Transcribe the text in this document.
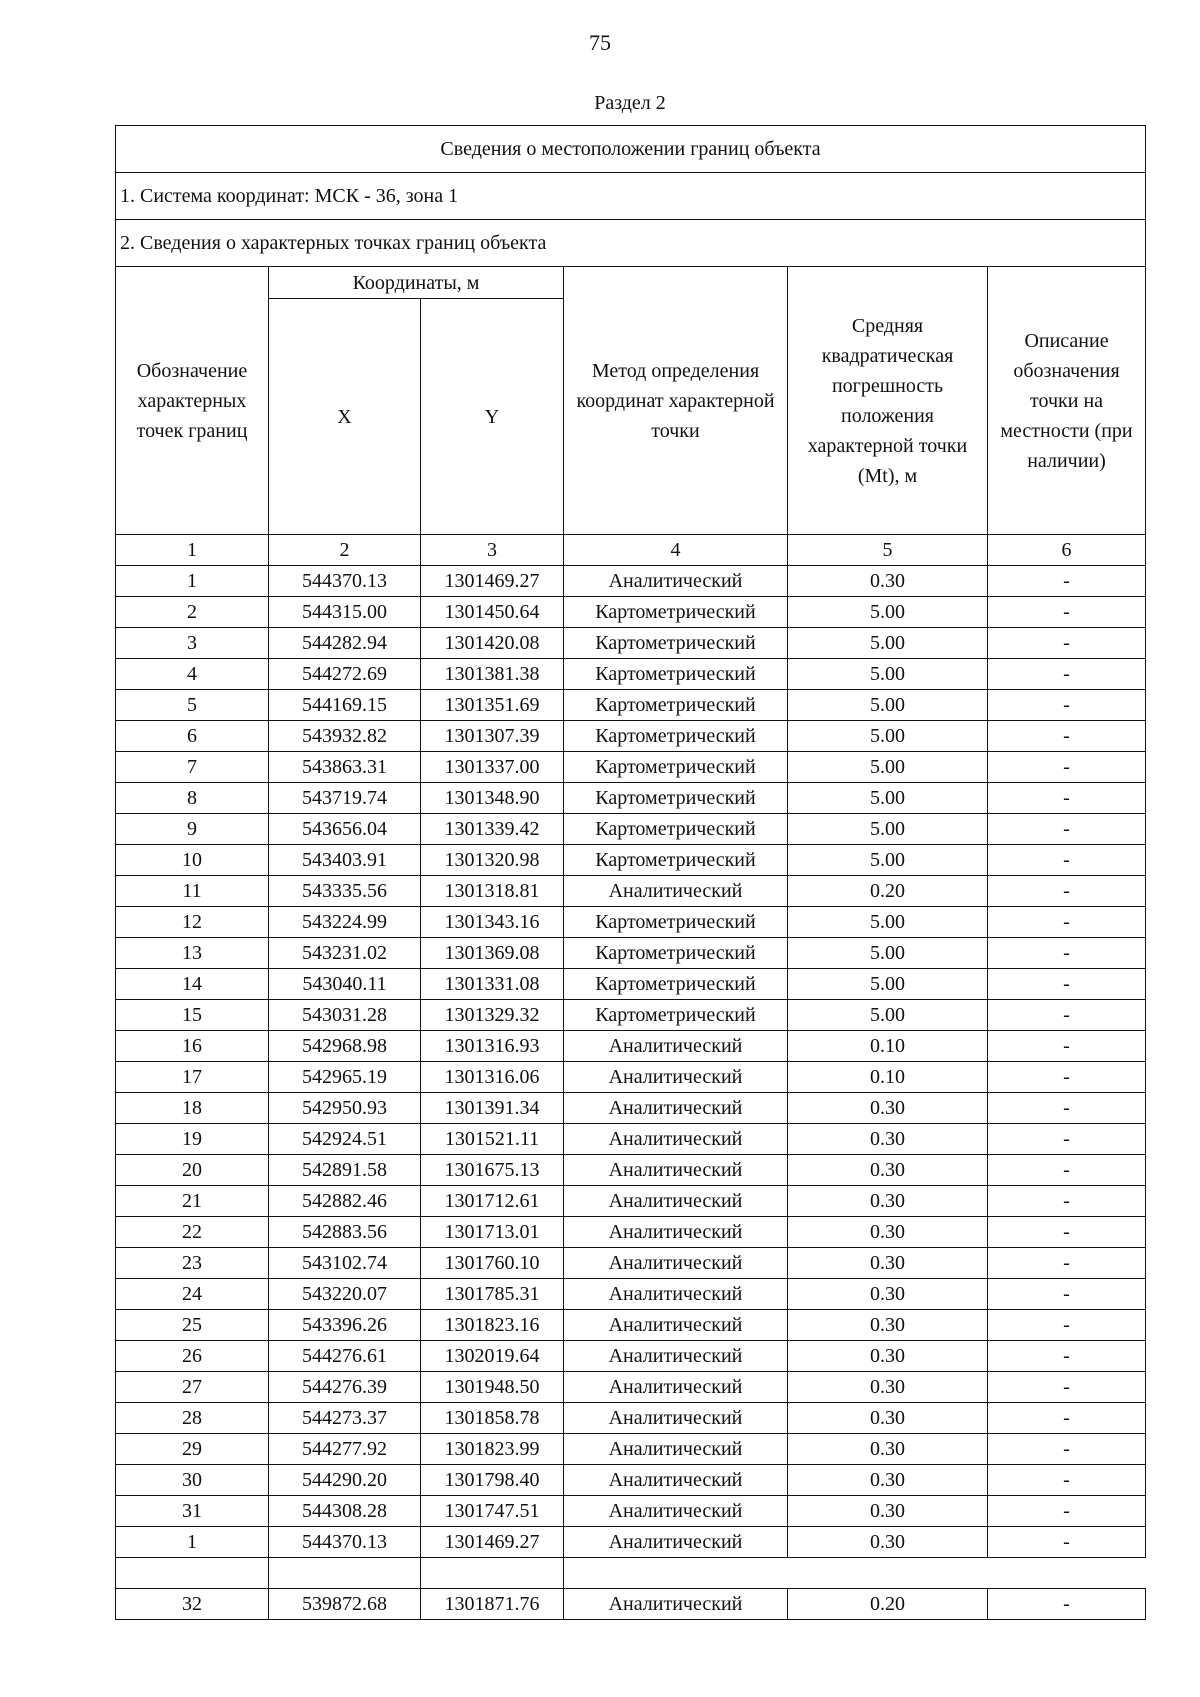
75
Раздел 2
Сведения о местоположении границ объекта					
1. Система координат: МСК - 36, зона 1					
2. Сведения о характерных точках границ объекта					
Обозначение характерных точек границ	Координаты, м		Метод определения координат характерной точки	Средняя квадратическая погрешность положения характерной точки (Mt), м	Описание обозначения точки на местности (при наличии)
	X	Y			
1	2	3	4	5	6
1	544370.13	1301469.27	Аналитический	0.30	-
2	544315.00	1301450.64	Картометрический	5.00	-
3	544282.94	1301420.08	Картометрический	5.00	-
4	544272.69	1301381.38	Картометрический	5.00	-
5	544169.15	1301351.69	Картометрический	5.00	-
6	543932.82	1301307.39	Картометрический	5.00	-
7	543863.31	1301337.00	Картометрический	5.00	-
8	543719.74	1301348.90	Картометрический	5.00	-
9	543656.04	1301339.42	Картометрический	5.00	-
10	543403.91	1301320.98	Картометрический	5.00	-
11	543335.56	1301318.81	Аналитический	0.20	-
12	543224.99	1301343.16	Картометрический	5.00	-
13	543231.02	1301369.08	Картометрический	5.00	-
14	543040.11	1301331.08	Картометрический	5.00	-
15	543031.28	1301329.32	Картометрический	5.00	-
16	542968.98	1301316.93	Аналитический	0.10	-
17	542965.19	1301316.06	Аналитический	0.10	-
18	542950.93	1301391.34	Аналитический	0.30	-
19	542924.51	1301521.11	Аналитический	0.30	-
20	542891.58	1301675.13	Аналитический	0.30	-
21	542882.46	1301712.61	Аналитический	0.30	-
22	542883.56	1301713.01	Аналитический	0.30	-
23	543102.74	1301760.10	Аналитический	0.30	-
24	543220.07	1301785.31	Аналитический	0.30	-
25	543396.26	1301823.16	Аналитический	0.30	-
26	544276.61	1302019.64	Аналитический	0.30	-
27	544276.39	1301948.50	Аналитический	0.30	-
28	544273.37	1301858.78	Аналитический	0.30	-
29	544277.92	1301823.99	Аналитический	0.30	-
30	544290.20	1301798.40	Аналитический	0.30	-
31	544308.28	1301747.51	Аналитический	0.30	-
1	544370.13	1301469.27	Аналитический	0.30	-

32	539872.68	1301871.76	Аналитический	0.20	-
